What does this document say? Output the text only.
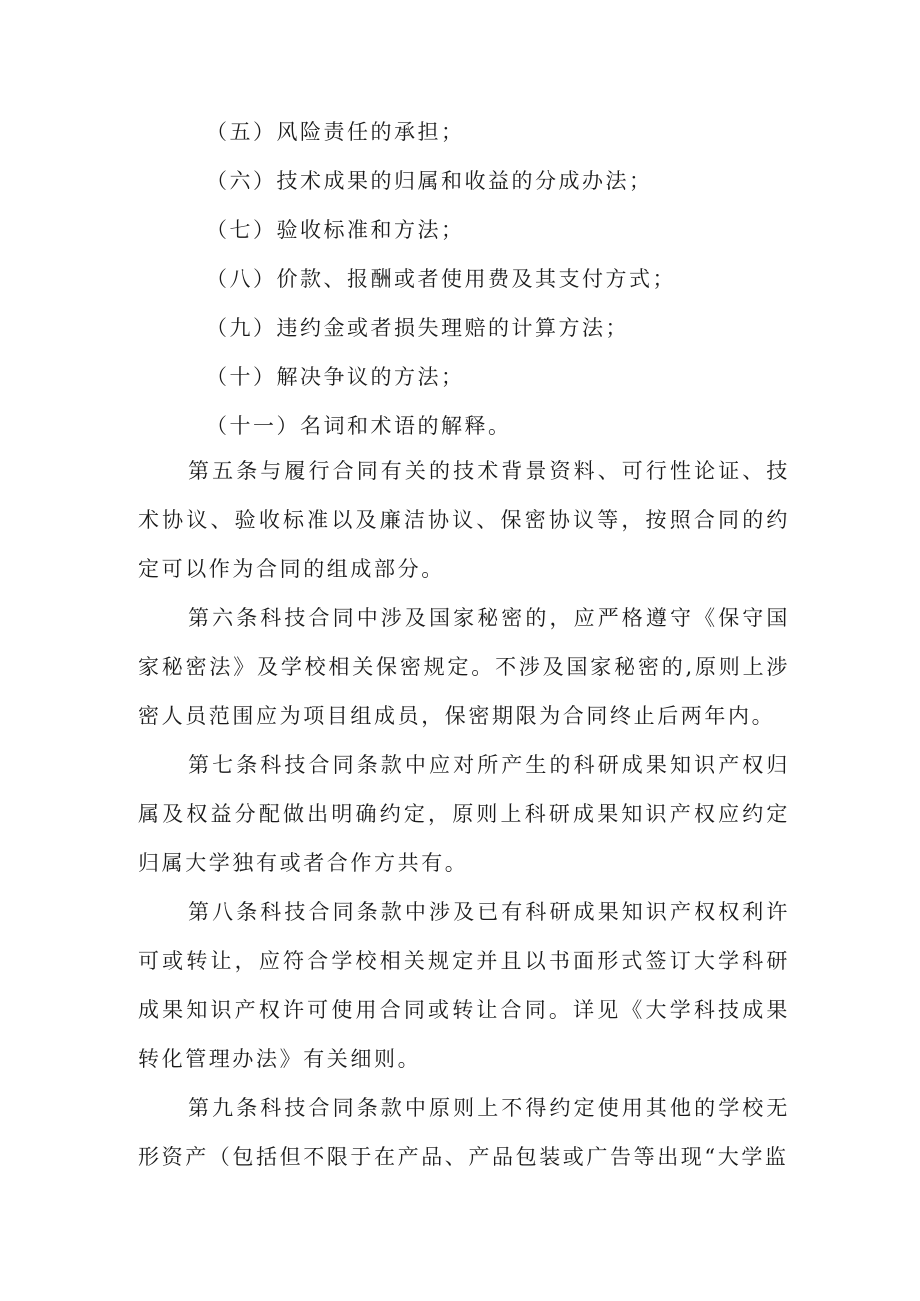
（五）风险责任的承担；
（六）技术成果的归属和收益的分成办法；
（七）验收标准和方法；
（八）价款、报酬或者使用费及其支付方式；
（九）违约金或者损失理赔的计算方法；
（十）解决争议的方法；
（十一）名词和术语的解释。
第五条与履行合同有关的技术背景资料、可行性论证、技术协议、验收标准以及廉洁协议、保密协议等，按照合同的约定可以作为合同的组成部分。
第六条科技合同中涉及国家秘密的，应严格遵守《保守国家秘密法》及学校相关保密规定。不涉及国家秘密的,原则上涉密人员范围应为项目组成员，保密期限为合同终止后两年内。
第七条科技合同条款中应对所产生的科研成果知识产权归属及权益分配做出明确约定，原则上科研成果知识产权应约定归属大学独有或者合作方共有。
第八条科技合同条款中涉及已有科研成果知识产权权利许可或转让，应符合学校相关规定并且以书面形式签订大学科研成果知识产权许可使用合同或转让合同。详见《大学科技成果转化管理办法》有关细则。
第九条科技合同条款中原则上不得约定使用其他的学校无形资产（包括但不限于在产品、产品包装或广告等出现“大学监
